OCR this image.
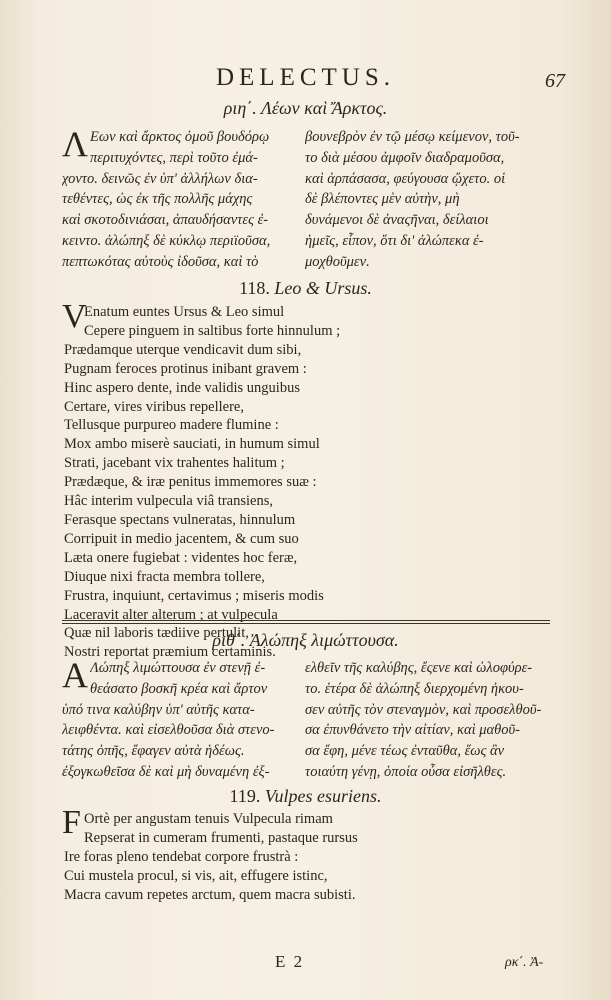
DELECTUS.	67
ριη΄. Λέων καὶ Ἄρκτος.
Λ Εων καὶ ἄρκτος ὁμοῦ βουδόρῳ
περιτυχόντες, περὶ τοῦτο ἐμά-
χοντο. δεινῶς ἐν ὑπ' ἀλλήλων δια-
τεθέντες, ὡς ἐκ τῆς πολλῆς μάχης
καὶ σκοτοδινιάσαι, ἀπαυδήσαντες ἐ-
κειντο. ἀλώπηξ δὲ κύκλῳ περιϊοῦσα,
πεπτωκότας αὐτοὺς ἰδοῦσα, καὶ τὸ
βουνεβρὸν ἐν τῷ μέσῳ κείμενον, τοῦ-
το διὰ μέσου ἀμφοῖν διαδραμοῦσα,
καὶ ἁρπάσασα, φεύγουσα ᾤχετο. οἱ
δὲ βλέποντες μὲν αὐτὴν, μὴ
δυνάμενοι δὲ ἀναςῆναι, δείλαιοι
ἡμεῖς, εἶπον, ὅτι δι' ἀλώπεκα ἐ-
μοχθοῦμεν.
118. Leo & Ursus.
V
Enatum euntes Ursus & Leo simul
Cepere pinguem in saltibus forte hinnulum ;
Prædamque uterque vendicavit dum sibi,
Pugnam feroces protinus inibant gravem :
Hinc aspero dente, inde validis unguibus
Certare, vires viribus repellere,
Tellusque purpureo madere flumine :
Mox ambo miserè sauciati, in humum simul
Strati, jacebant vix trahentes halitum ;
Prædæque, & iræ penitus immemores suæ :
Hâc interim vulpecula viâ transiens,
Ferasque spectans vulneratas, hinnulum
Corripuit in medio jacentem, & cum suo
Læta onere fugiebat : videntes hoc feræ,
Diuque nixi fracta membra tollere,
Frustra, inquiunt, certavimus ; miseris modis
Laceravit alter alterum ; at vulpecula
Quæ nil laboris tædiive pertulit,
Nostri reportat præmium certaminis.
ριθ΄. Ἀλώπηξ λιμώττουσα.
Α Λώπηξ λιμώττουσα ἐν στενῇ ἐ-
θεάσατο βοσκῆ κρέα καὶ ἄρτον
ὑπό τινα καλύβην ὑπ' αὐτῆς κατα-
λειφθέντα. καὶ εἰσελθοῦσα διὰ στενο-
τάτης ὀπῆς, ἔφαγεν αὐτὰ ἡδέως.
ἐξογκωθεῖσα δὲ καὶ μὴ δυναμένη ἐξ-
ελθεῖν τῆς καλύβης, ἔςενε καὶ ὠλοφύρε-
το. ἑτέρα δὲ ἀλώπηξ διερχομένη ἠκου-
σεν αὐτῆς τὸν στεναγμὸν, καὶ προσελθοῦ-
σα ἐπυνθάνετο τὴν αἰτίαν, καὶ μαθοῦ-
σα ἔφη, μένε τέως ἐνταῦθα, ἕως ἂν
τοιαύτη γένῃ, ὁποία οὖσα εἰσῆλθες.
119. Vulpes esuriens.
F Ortè per angustam tenuis Vulpecula rimam
Repserat in cumeram frumenti, pastaque rursus
Ire foras pleno tendebat corpore frustrà :
Cui mustela procul, si vis, ait, effugere istinc,
Macra cavum repetes arctum, quem macra subisti.
E 2	ρκ΄. Ἀ-
